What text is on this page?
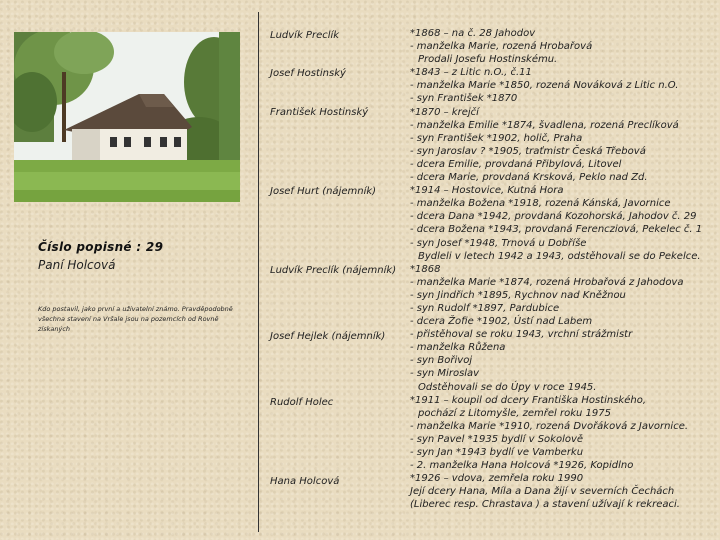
Číslo popisné : 29
Paní Holcová
Kdo postavil, jako první a uživatelní známo. Pravděpodobně všechna stavení na Vršale jsou na pozemcích od Rovně získaných
Ludvík Preclík
Josef Hostinský
František Hostinský
Josef Hurt (nájemník)
Ludvík Preclík (nájemník)
Josef Hejlek (nájemník)
Rudolf Holec
Hana Holcová
*1868 – na č. 28 Jahodov
- manželka Marie, rozená Hrobařová
Prodali Josefu Hostinskému.
*1843 – z Litic n.O., č.11
- manželka Marie *1850, rozená Nováková z Litic n.O.
- syn František *1870
*1870 – krejčí
- manželka Emilie *1874, švadlena, rozená Preclíková
- syn František *1902, holič, Praha
- syn Jaroslav ? *1905, traťmistr Česká Třebová
- dcera Emilie, provdaná Přibylová, Litovel
- dcera Marie, provdaná Krsková, Peklo nad Zd.
*1914 – Hostovice, Kutná Hora
- manželka Božena *1918, rozená Kánská, Javornice
- dcera Dana *1942, provdaná Kozohorská, Jahodov č. 29
- dcera Božena *1943, provdaná Ferencziová, Pekelec č. 1
- syn Josef *1948, Trnová u Dobříše
Bydleli v letech 1942 a 1943, odstěhovali se do Pekelce.
*1868
- manželka Marie *1874, rozená Hrobařová z Jahodova
- syn Jindřich *1895, Rychnov nad Kněžnou
- syn Rudolf *1897, Pardubice
- dcera Žofie *1902, Ústí nad Labem
- přistěhoval se roku 1943, vrchní strážmistr
- manželka Růžena
- syn Bořivoj
- syn Miroslav
Odstěhovali se do Úpy v roce 1945.
*1911 – koupil od dcery Františka Hostinského,
pochází z Litomyšle, zemřel roku 1975
- manželka Marie *1910, rozená Dvořáková z Javornice.
- syn Pavel *1935 bydlí v Sokolově
- syn Jan *1943 bydlí ve Vamberku
- 2. manželka Hana Holcová *1926, Kopidlno
*1926 – vdova, zemřela roku 1990
Její dcery Hana, Míla a Dana žijí v severních Čechách
(Liberec resp. Chrastava ) a stavení užívají k rekreaci.
